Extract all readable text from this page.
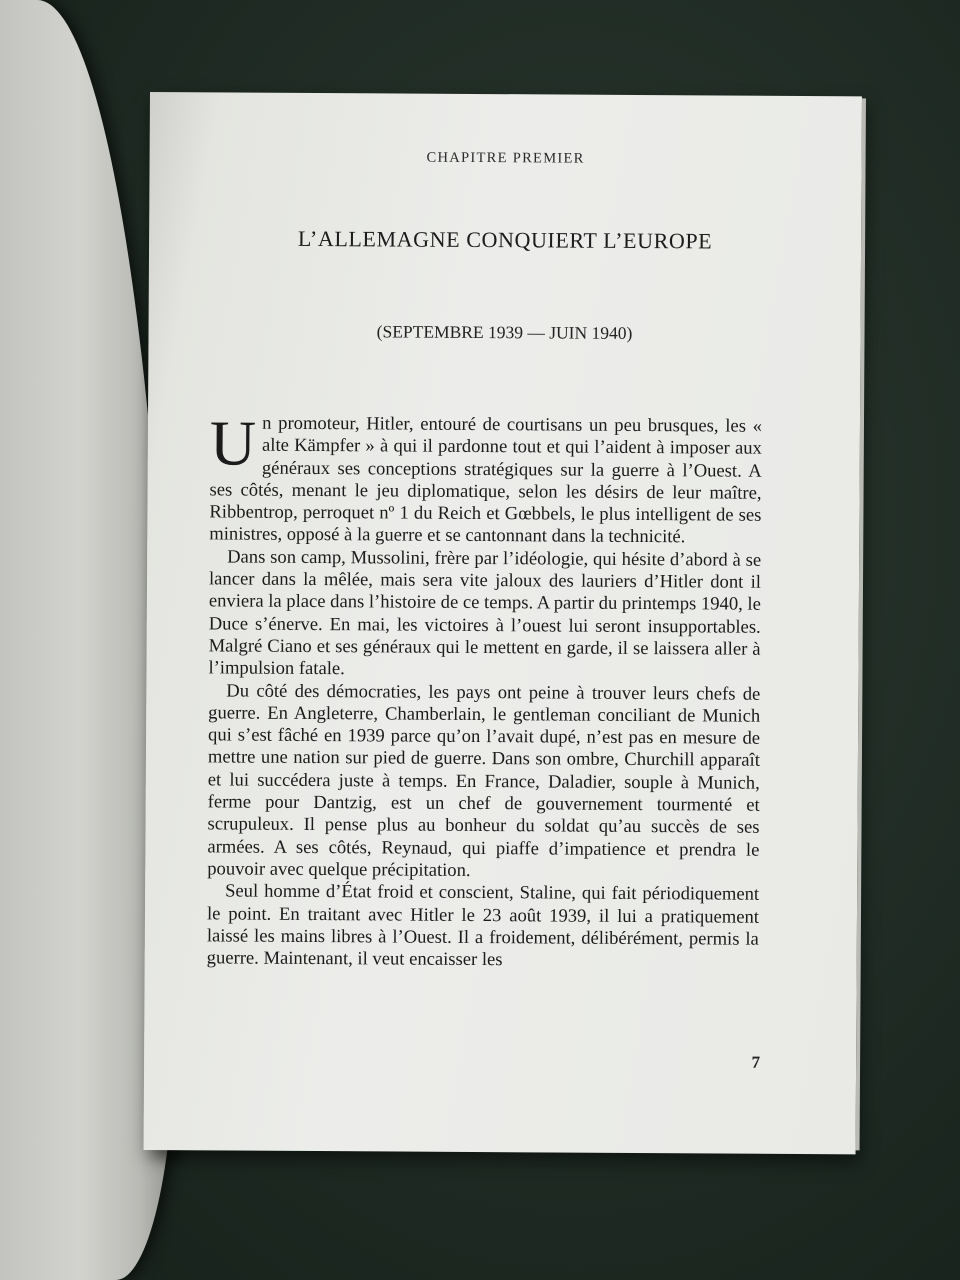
CHAPITRE PREMIER
L’ALLEMAGNE CONQUIERT L’EUROPE
(SEPTEMBRE 1939 — JUIN 1940)

Un promoteur, Hitler, entouré de courtisans un peu brusques, les « alte Kämpfer » à qui il pardonne tout et qui l’aident à imposer aux généraux ses conceptions stratégiques sur la guerre à l’Ouest. A ses côtés, menant le jeu diplomatique, selon les désirs de leur maître, Ribbentrop, perroquet nº 1 du Reich et Gœbbels, le plus intelligent de ses ministres, opposé à la guerre et se cantonnant dans la technicité.

Dans son camp, Mussolini, frère par l’idéologie, qui hésite d’abord à se lancer dans la mêlée, mais sera vite jaloux des lauriers d’Hitler dont il enviera la place dans l’histoire de ce temps. A partir du printemps 1940, le Duce s’énerve. En mai, les victoires à l’ouest lui seront insupportables. Malgré Ciano et ses généraux qui le mettent en garde, il se laissera aller à l’impulsion fatale.

Du côté des démocraties, les pays ont peine à trouver leurs chefs de guerre. En Angleterre, Chamberlain, le gentleman conciliant de Munich qui s’est fâché en 1939 parce qu’on l’avait dupé, n’est pas en mesure de mettre une nation sur pied de guerre. Dans son ombre, Churchill apparaît et lui succédera juste à temps. En France, Daladier, souple à Munich, ferme pour Dantzig, est un chef de gouvernement tourmenté et scrupuleux. Il pense plus au bonheur du soldat qu’au succès de ses armées. A ses côtés, Reynaud, qui piaffe d’impatience et prendra le pouvoir avec quelque précipitation.

Seul homme d’État froid et conscient, Staline, qui fait périodiquement le point. En traitant avec Hitler le 23 août 1939, il lui a pratiquement laissé les mains libres à l’Ouest. Il a froidement, délibérément, permis la guerre. Maintenant, il veut encaisser les

7
